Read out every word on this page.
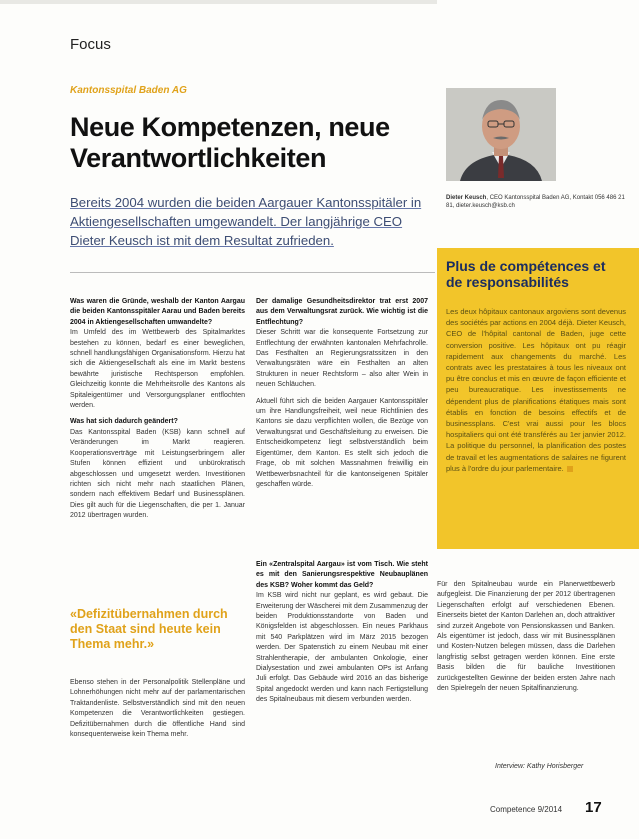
Focus
Kantonsspital Baden AG
Neue Kompetenzen, neue Verantwortlichkeiten
Bereits 2004 wurden die beiden Aargauer Kantonsspitäler in Aktiengesellschaften umgewandelt. Der langjährige CEO Dieter Keusch ist mit dem Resultat zufrieden.
Dieter Keusch, CEO Kantonsspital Baden AG, Kontakt 056 486 21 81, dieter.keusch@ksb.ch
Plus de compétences et de responsabilités
Les deux hôpitaux cantonaux argoviens sont devenus des sociétés par actions en 2004 déjà. Dieter Keusch, CEO de l'hôpital cantonal de Baden, juge cette conversion positive. Les hôpitaux ont pu réagir rapidement aux changements du marché. Les contrats avec les prestataires à tous les niveaux ont pu être conclus et mis en œuvre de façon efficiente et peu bureaucratique. Les investissements ne dépendent plus de planifications étatiques mais sont établis en fonction de besoins effectifs et de businessplans. C'est vrai aussi pour les blocs hospitaliers qui ont été transférés au 1er janvier 2012. La politique du personnel, la planification des postes de travail et les augmentations de salaires ne figurent plus à l'ordre du jour parlementaire.
Was waren die Gründe, weshalb der Kanton Aargau die beiden Kantonsspitäler Aarau und Baden bereits 2004 in Aktiengesellschaften umwandelte?

Im Umfeld des im Wettbewerb des Spitalmarktes bestehen zu können, bedarf es einer beweglichen, schnell handlungsfähigen Organisationsform. Hierzu hat sich die Aktiengesellschaft als eine im Markt bestens bewährte juristische Rechtsperson empfohlen. Gleichzeitig konnte die Mehrheitsrolle des Kantons als Spitaleigentümer und Versorgungsplaner entflochten werden.

Was hat sich dadurch geändert?

Das Kantonsspital Baden (KSB) kann schnell auf Veränderungen im Markt reagieren. Kooperationsverträge mit Leistungserbringern aller Stufen können effizient und unbürokratisch abgeschlossen und umgesetzt werden. Investitionen richten sich nicht mehr nach staatlichen Plänen, sondern nach effektivem Bedarf und Businessplänen. Dies gilt auch für die Liegenschaften, die per 1. Januar 2012 übertragen wurden.

«Defizitübernahmen durch den Staat sind heute kein Thema mehr.»

Ebenso stehen in der Personalpolitik Stellenpläne und Lohnerhöhungen nicht mehr auf der parlamentarischen Traktandenliste. Selbstverständlich sind mit den neuen Kompetenzen die Verantwortlichkeiten gestiegen. Defizitübernahmen durch die öffentliche Hand sind konsequenterweise kein Thema mehr.

Der damalige Gesundheitsdirektor trat erst 2007 aus dem Verwaltungsrat zurück. Wie wichtig ist die Entflechtung?

Dieser Schritt war die konsequente Fortsetzung zur Entflechtung der erwähnten kantonalen Mehrfachrolle. Das Festhalten an Regierungsratssitzen in den Verwaltungsräten wäre ein Festhalten an alten Strukturen in neuer Rechtsform – also alter Wein in neuen Schläuchen.

Aktuell führt sich die beiden Aargauer Kantonsspitäler um ihre Handlungsfreiheit, weil neue Richtlinien des Kantons sie dazu verpflichten wollen, die Bezüge von Verwaltungsrat und Geschäftsleitung zu erweisen. Die Entscheidkompetenz liegt selbstverständlich beim Eigentümer, dem Kanton. Es stellt sich jedoch die Frage, ob mit solchen Massnahmen freiwillig ein Wettbewerbsnachteil für die kantonseigenen Spitäler geschaffen würde.

Ein «Zentralspital Aargau» ist vom Tisch. Wie steht es mit den Sanierungsrespektive Neubauplänen des KSB? Woher kommt das Geld?

Im KSB wird nicht nur geplant, es wird gebaut. Die Erweiterung der Wäscherei mit dem Zusammenzug der beiden Produktionsstandorte von Baden und Königsfelden ist abgeschlossen. Ein neues Parkhaus mit 540 Parkplätzen wird im März 2015 bezogen werden. Der Spatenstich zu einem Neubau mit einer Strahlentherapie, der ambulanten Onkologie, einer Dialysestation und zwei ambulanten OPs ist Anfang Juli erfolgt. Das Gebäude wird 2016 an das bisherige Spital angedockt werden und kann nach Fertigstellung des Spitalneubaus mit diesem verbunden werden.

Für den Spitalneubau wurde ein Planerwettbewerb aufgegleist. Die Finanzierung der per 2012 übertragenen Liegenschaften erfolgt auf verschiedenen Ebenen. Einerseits bietet der Kanton Darlehen an, doch attraktiver sind zurzeit Angebote von Pensionskassen und Banken. Als eigentümer ist jedoch, dass wir mit Businessplänen und Kosten-Nutzen belegen müssen, dass die Darlehen langfristig selbst getragen werden können. Eine erste Basis bilden die für bauliche Investitionen zurückgestellten Gewinne der beiden ersten Jahre nach den Spielregeln der neuen Spitalfinanzierung.

Interview: Kathy Horisberger
Competence 9/2014 17
